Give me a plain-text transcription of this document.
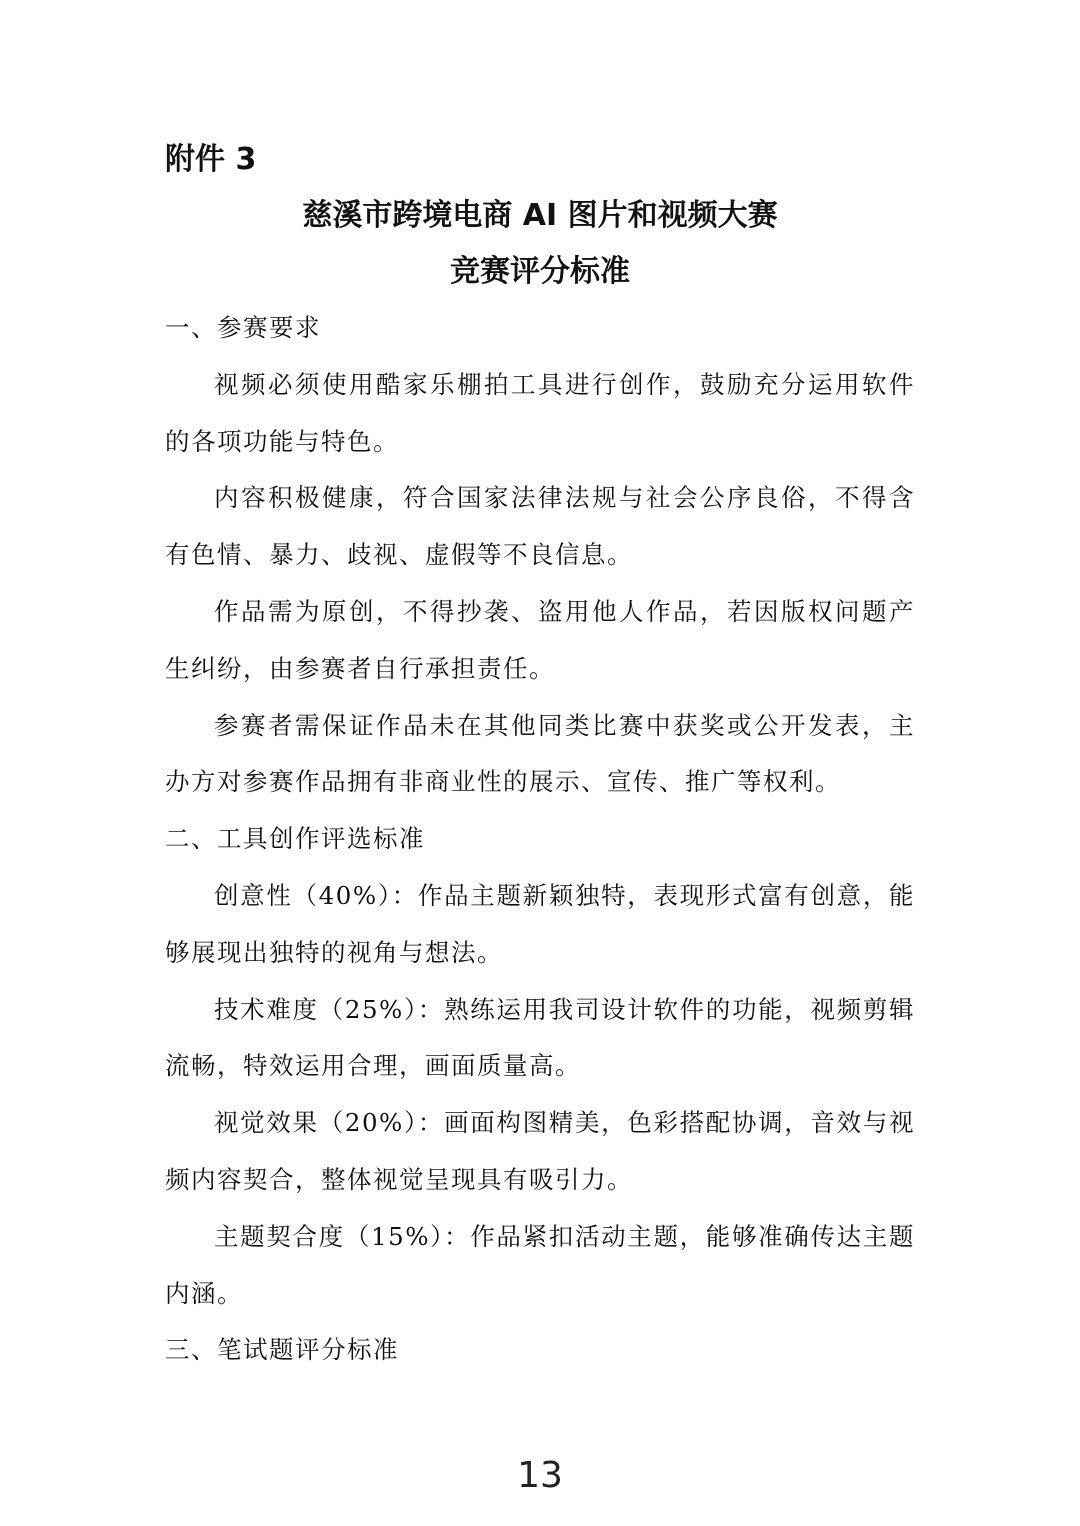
附件 3
慈溪市跨境电商 AI 图片和视频大赛
竞赛评分标准

一、参赛要求

视频必须使用酷家乐棚拍工具进行创作，鼓励充分运用软件的各项功能与特色。

内容积极健康，符合国家法律法规与社会公序良俗，不得含有色情、暴力、歧视、虚假等不良信息。

作品需为原创，不得抄袭、盗用他人作品，若因版权问题产生纠纷，由参赛者自行承担责任。

参赛者需保证作品未在其他同类比赛中获奖或公开发表，主办方对参赛作品拥有非商业性的展示、宣传、推广等权利。

二、工具创作评选标准

创意性（40%）：作品主题新颖独特，表现形式富有创意，能够展现出独特的视角与想法。

技术难度（25%）：熟练运用我司设计软件的功能，视频剪辑流畅，特效运用合理，画面质量高。

视觉效果（20%）：画面构图精美，色彩搭配协调，音效与视频内容契合，整体视觉呈现具有吸引力。

主题契合度（15%）：作品紧扣活动主题，能够准确传达主题内涵。

三、笔试题评分标准

13
